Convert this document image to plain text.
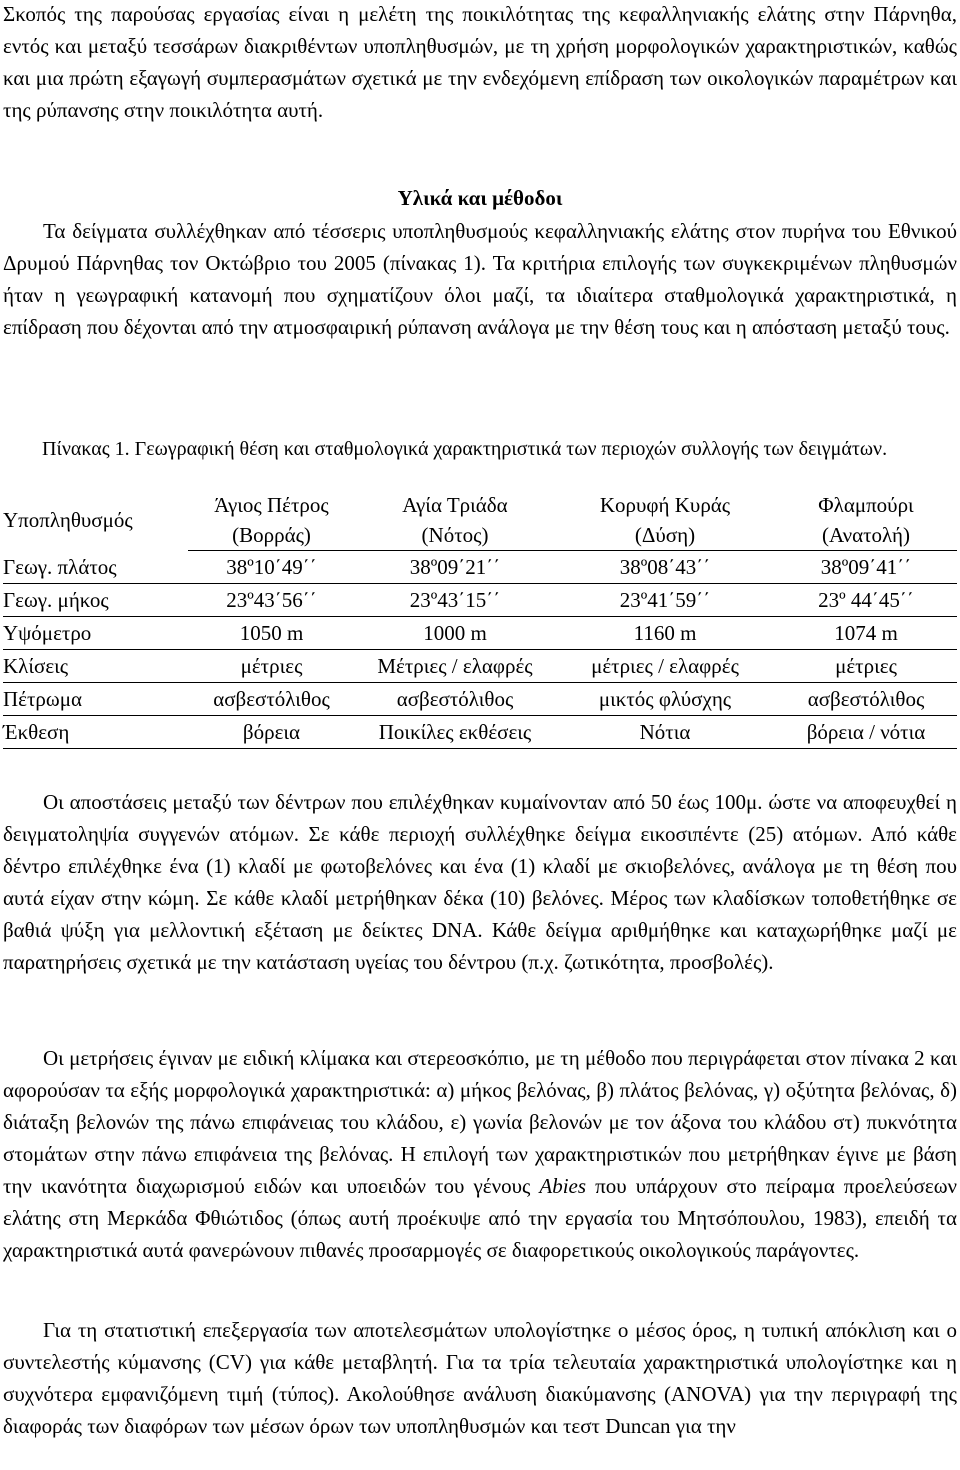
Σκοπός της παρούσας εργασίας είναι η μελέτη της ποικιλότητας της κεφαλληνιακής ελάτης στην Πάρνηθα, εντός και μεταξύ τεσσάρων διακριθέντων υποπληθυσμών, με τη χρήση μορφολογικών χαρακτηριστικών, καθώς και μια πρώτη εξαγωγή συμπερασμάτων σχετικά με την ενδεχόμενη επίδραση των οικολογικών παραμέτρων και της ρύπανσης στην ποικιλότητα αυτή.

Υλικά και μέθοδοι

Τα δείγματα συλλέχθηκαν από τέσσερις υποπληθυσμούς κεφαλληνιακής ελάτης στον πυρήνα του Εθνικού Δρυμού Πάρνηθας τον Οκτώβριο του 2005 (πίνακας 1). Τα κριτήρια επιλογής των συγκεκριμένων πληθυσμών ήταν η γεωγραφική κατανομή που σχηματίζουν όλοι μαζί, τα ιδιαίτερα σταθμολογικά χαρακτηριστικά, η επίδραση που δέχονται από την ατμοσφαιρική ρύπανση ανάλογα με την θέση τους και η απόσταση μεταξύ τους.

Πίνακας 1. Γεωγραφική θέση και σταθμολογικά χαρακτηριστικά των περιοχών συλλογής των δειγμάτων.
Υποπληθυσμός	Άγιος Πέτρος	Αγία Τριάδα	Κορυφή Κυράς	Φλαμπούρι
	(Βορράς)	(Νότος)	(Δύση)	(Ανατολή)
Γεωγ. πλάτος	38º10΄49΄΄	38º09΄21΄΄	38º08΄43΄΄	38º09΄41΄΄
Γεωγ. μήκος	23º43΄56΄΄	23º43΄15΄΄	23º41΄59΄΄	23º 44΄45΄΄
Υψόμετρο	1050 m	1000 m	1160 m	1074 m
Κλίσεις	μέτριες	Μέτριες / ελαφρές	μέτριες / ελαφρές	μέτριες
Πέτρωμα	ασβεστόλιθος	ασβεστόλιθος	μικτός φλύσχης	ασβεστόλιθος
Έκθεση	βόρεια	Ποικίλες εκθέσεις	Νότια	βόρεια / νότια

Οι αποστάσεις μεταξύ των δέντρων που επιλέχθηκαν κυμαίνονταν από 50 έως 100μ. ώστε να αποφευχθεί η δειγματοληψία συγγενών ατόμων. Σε κάθε περιοχή συλλέχθηκε δείγμα εικοσιπέντε (25) ατόμων. Από κάθε δέντρο επιλέχθηκε ένα (1) κλαδί με φωτοβελόνες και ένα (1) κλαδί με σκιοβελόνες, ανάλογα με τη θέση που αυτά είχαν στην κώμη. Σε κάθε κλαδί μετρήθηκαν δέκα (10) βελόνες. Μέρος των κλαδίσκων τοποθετήθηκε σε βαθιά ψύξη για μελλοντική εξέταση με δείκτες DNA. Κάθε δείγμα αριθμήθηκε και καταχωρήθηκε μαζί με παρατηρήσεις σχετικά με την κατάσταση υγείας του δέντρου (π.χ. ζωτικότητα, προσβολές).

Οι μετρήσεις έγιναν με ειδική κλίμακα και στερεοσκόπιο, με τη μέθοδο που περιγράφεται στον πίνακα 2 και αφορούσαν τα εξής μορφολογικά χαρακτηριστικά: α) μήκος βελόνας, β) πλάτος βελόνας, γ) οξύτητα βελόνας, δ) διάταξη βελονών της πάνω επιφάνειας του κλάδου, ε) γωνία βελονών με τον άξονα του κλάδου στ) πυκνότητα στομάτων στην πάνω επιφάνεια της βελόνας. Η επιλογή των χαρακτηριστικών που μετρήθηκαν έγινε με βάση την ικανότητα διαχωρισμού ειδών και υποειδών του γένους Abies που υπάρχουν στο πείραμα προελεύσεων ελάτης στη Μερκάδα Φθιώτιδος (όπως αυτή προέκυψε από την εργασία του Μητσόπουλου, 1983), επειδή τα χαρακτηριστικά αυτά φανερώνουν πιθανές προσαρμογές σε διαφορετικούς οικολογικούς παράγοντες.

Για τη στατιστική επεξεργασία των αποτελεσμάτων υπολογίστηκε ο μέσος όρος, η τυπική απόκλιση και ο συντελεστής κύμανσης (CV) για κάθε μεταβλητή. Για τα τρία τελευταία χαρακτηριστικά υπολογίστηκε και η συχνότερα εμφανιζόμενη τιμή (τύπος). Ακολούθησε ανάλυση διακύμανσης (ANOVA) για την περιγραφή της διαφοράς των διαφόρων των μέσων όρων των υποπληθυσμών και τεστ Duncan για την
